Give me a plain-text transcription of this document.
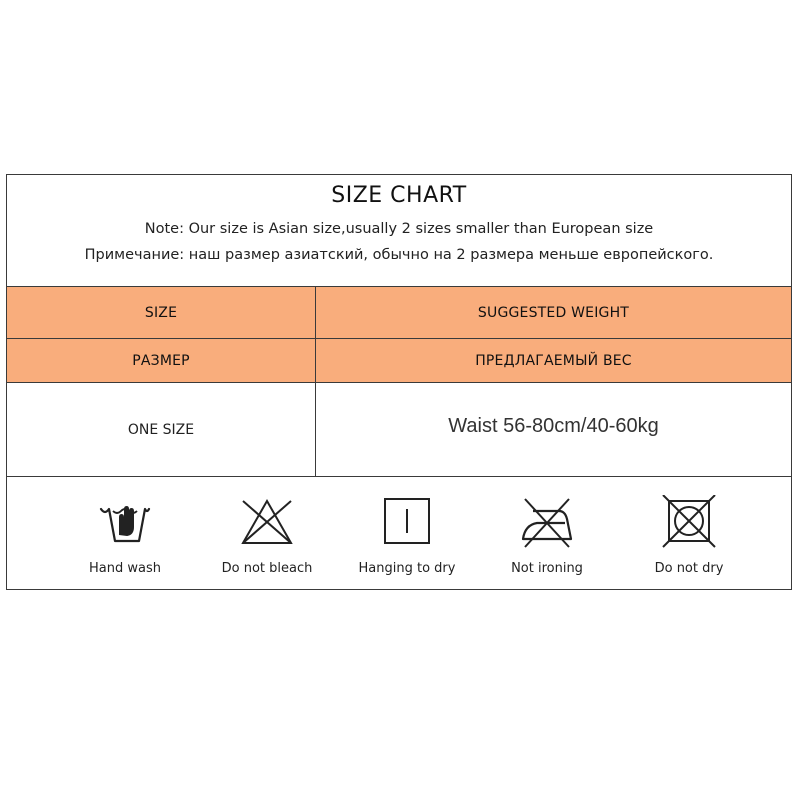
SIZE CHART
Note: Our size is Asian size,usually 2 sizes smaller than European size
Примечание: наш размер азиатский, обычно на 2 размера меньше европейского.
SIZE	SUGGESTED WEIGHT
РАЗМЕР	ПРЕДЛАГАЕМЫЙ ВЕС
ONE SIZE	Waist 56-80cm/40-60kg
Hand wash	Do not bleach	Hanging to dry	Not ironing	Do not dry
